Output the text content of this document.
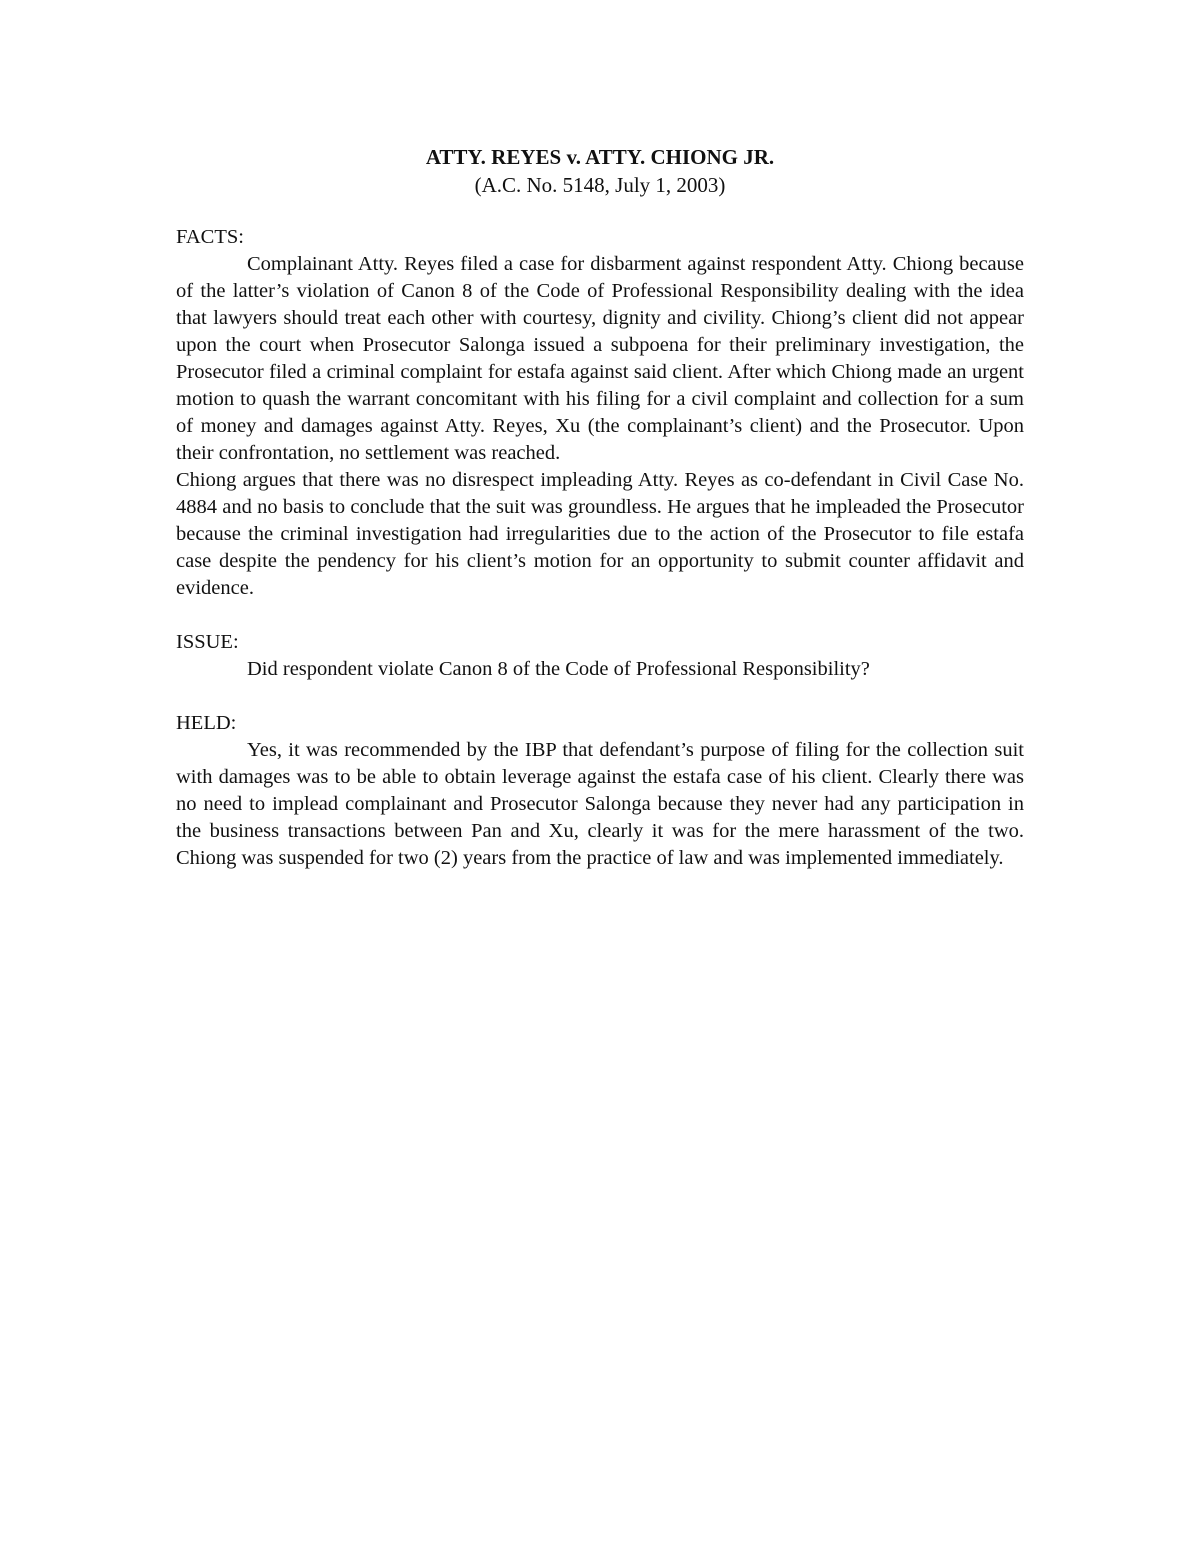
ATTY. REYES v. ATTY. CHIONG JR.

(A.C. No. 5148, July 1, 2003)

FACTS:

Complainant Atty. Reyes filed a case for disbarment against respondent Atty. Chiong because of the latter’s violation of Canon 8 of the Code of Professional Responsibility dealing with the idea that lawyers should treat each other with courtesy, dignity and civility. Chiong’s client did not appear upon the court when Prosecutor Salonga issued a subpoena for their preliminary investigation, the Prosecutor filed a criminal complaint for estafa against said client. After which Chiong made an urgent motion to quash the warrant concomitant with his filing for a civil complaint and collection for a sum of money and damages against Atty. Reyes, Xu (the complainant’s client) and the Prosecutor. Upon their confrontation, no settlement was reached.

Chiong argues that there was no disrespect impleading Atty. Reyes as co-defendant in Civil Case No. 4884 and no basis to conclude that the suit was groundless. He argues that he impleaded the Prosecutor because the criminal investigation had irregularities due to the action of the Prosecutor to file estafa case despite the pendency for his client’s motion for an opportunity to submit counter affidavit and evidence.

ISSUE:

Did respondent violate Canon 8 of the Code of Professional Responsibility?

HELD:

Yes, it was recommended by the IBP that defendant’s purpose of filing for the collection suit with damages was to be able to obtain leverage against the estafa case of his client. Clearly there was no need to implead complainant and Prosecutor Salonga because they never had any participation in the business transactions between Pan and Xu, clearly it was for the mere harassment of the two. Chiong was suspended for two (2) years from the practice of law and was implemented immediately.
